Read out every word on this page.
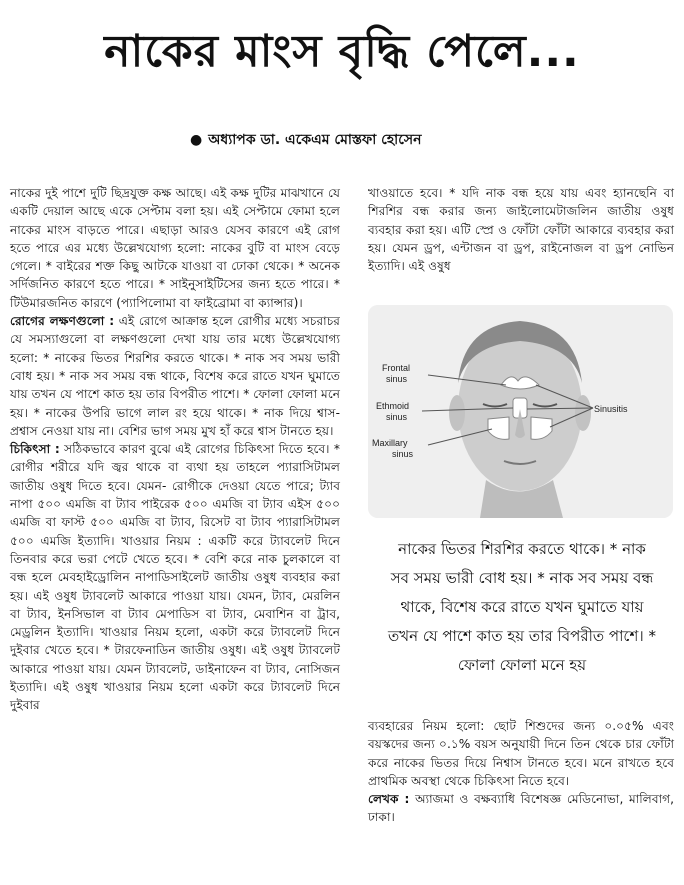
নাকের মাংস বৃদ্ধি পেলে...
● অধ্যাপক ডা. একেএম মোস্তফা হোসেন

নাকের দুই পাশে দুটি ছিদ্রযুক্ত কক্ষ আছে। এই কক্ষ দুটির মাঝখানে যে একটি দেয়াল আছে একে সেপ্টাম বলা হয়। এই সেপ্টামে ফোমা হলে নাকের মাংস বাড়তে পারে। এছাড়া আরও যেসব কারণে এই রোগ হতে পারে এর মধ্যে উল্লেখযোগ্য হলো: নাকের বুটি বা মাংস বেড়ে গেলে। * বাইরের শক্ত কিছু আটকে যাওয়া বা ঢোকা থেকে। * অনেক সর্দিজনিত কারণে হতে পারে। * সাইনুসাইটিসের জন্য হতে পারে। * টিউমারজনিত কারণে (প্যাপিলোমা বা ফাইব্রোমা বা ক্যান্সার)।

রোগের লক্ষণগুলো : এই রোগে আক্রান্ত হলে রোগীর মধ্যে সচরাচর যে সমস্যাগুলো বা লক্ষণগুলো দেখা যায় তার মধ্যে উল্লেখযোগ্য হলো: * নাকের ভিতর শিরশির করতে থাকে। * নাক সব সময় ভারী বোধ হয়। * নাক সব সময় বন্ধ থাকে, বিশেষ করে রাতে যখন ঘুমাতে যায় তখন যে পাশে কাত হয় তার বিপরীত পাশে। * ফোলা ফোলা মনে হয়। * নাকের উপরি ভাগে লাল রং হয়ে থাকে। * নাক দিয়ে শ্বাস-প্রশ্বাস নেওয়া যায় না। বেশির ভাগ সময় মুখ হাঁ করে শ্বাস টানতে হয়।

চিকিৎসা : সঠিকভাবে কারণ বুঝে এই রোগের চিকিৎসা দিতে হবে। * রোগীর শরীরে যদি জ্বর থাকে বা ব্যথা হয় তাহলে প্যারাসিটামল জাতীয় ওষুধ দিতে হবে। যেমন- রোগীকে দেওয়া যেতে পারে; ট্যাব নাপা ৫০০ এমজি বা ট্যাব পাইরেক ৫০০ এমজি বা ট্যাব এইস ৫০০ এমজি বা ফাস্ট ৫০০ এমজি বা ট্যাব, রিসেট বা ট্যাব প্যারাসিটামল ৫০০ এমজি ইত্যাদি। খাওয়ার নিয়ম : একটি করে ট্যাবলেট দিনে তিনবার করে ভরা পেটে খেতে হবে। * বেশি করে নাক চুলকালে বা বন্ধ হলে মেবহাইড্রোলিন নাপাডিসাইলেট জাতীয় ওষুধ ব্যবহার করা হয়। এই ওষুধ ট্যাবলেট আকারে পাওয়া যায়। যেমন, ট্যাব, মেরলিন বা ট্যাব, ইনসিভাল বা ট্যাব মেপাডিস বা ট্যাব, মেবাশিন বা ট্রাব, মেড্রলিন ইত্যাদি। খাওয়ার নিয়ম হলো, একটা করে ট্যাবলেট দিনে দুইবার খেতে হবে। * টারফেনাডিন জাতীয় ওষুধ। এই ওষুধ ট্যাবলেট আকারে পাওয়া যায়। যেমন ট্যাবলেট, ডাইনাফেন বা ট্যাব, নোসিজন ইত্যাদি। এই ওষুধ খাওয়ার নিয়ম হলো একটা করে ট্যাবলেট দিনে দুইবার

খাওয়াতে হবে। * যদি নাক বন্ধ হয়ে যায় এবং হ্যানছেনি বা শিরশির বন্ধ করার জন্য জাইলোমেটাজলিন জাতীয় ওষুধ ব্যবহার করা হয়। এটি স্প্রে ও ফোঁটা ফোঁটা আকারে ব্যবহার করা হয়। যেমন ড্রপ, এন্টাজন বা ড্রপ, রাইনোজল বা ড্রপ নোভিন ইত্যাদি। এই ওষুধ

Frontal
sinus
Ethmoid
sinus
Maxillary
sinus
Sinusitis

নাকের ভিতর শিরশির করতে থাকে। * নাক সব সময় ভারী বোধ হয়। * নাক সব সময় বন্ধ থাকে, বিশেষ করে রাতে যখন ঘুমাতে যায় তখন যে পাশে কাত হয় তার বিপরীত পাশে। * ফোলা ফোলা মনে হয়

ব্যবহারের নিয়ম হলো: ছোট শিশুদের জন্য ০.০৫% এবং বয়স্কদের জন্য ০.১% বয়স অনুযায়ী দিনে তিন থেকে চার ফোঁটা করে নাকের ভিতর দিয়ে নিশ্বাস টানতে হবে। মনে রাখতে হবে প্রাথমিক অবস্থা থেকে চিকিৎসা নিতে হবে।

লেখক : অ্যাজমা ও বক্ষব্যাধি বিশেষজ্ঞ মেডিনোভা, মালিবাগ, ঢাকা।
